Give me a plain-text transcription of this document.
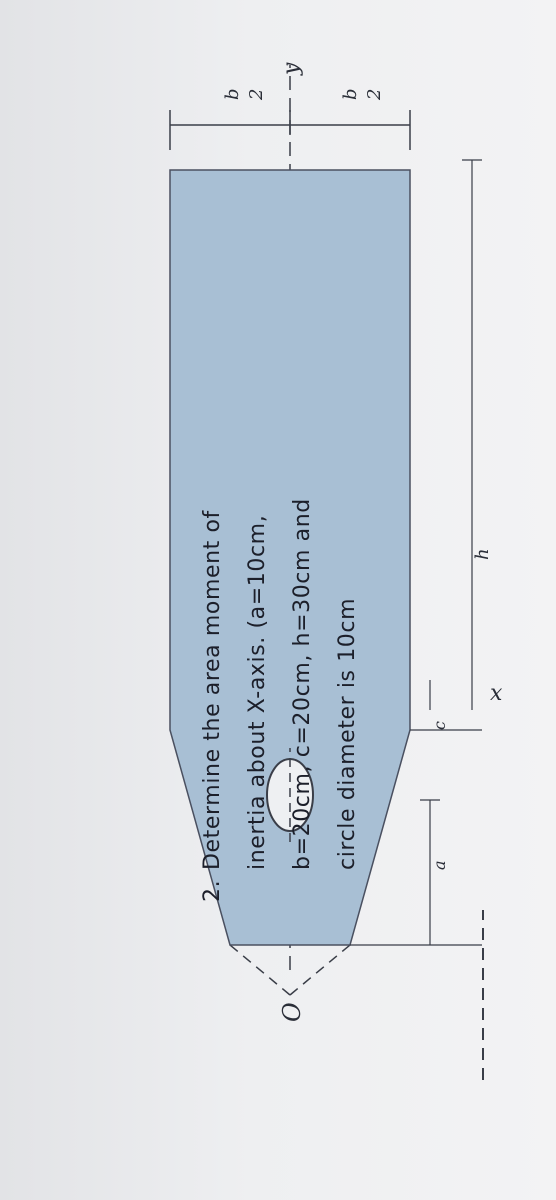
y
x
O
b 2	b 2
a
c
h
2.Determine the area moment of inertia about X-axis. (a=10cm, b=20cm, c=20cm, h=30cm and circle diameter is 10cm
